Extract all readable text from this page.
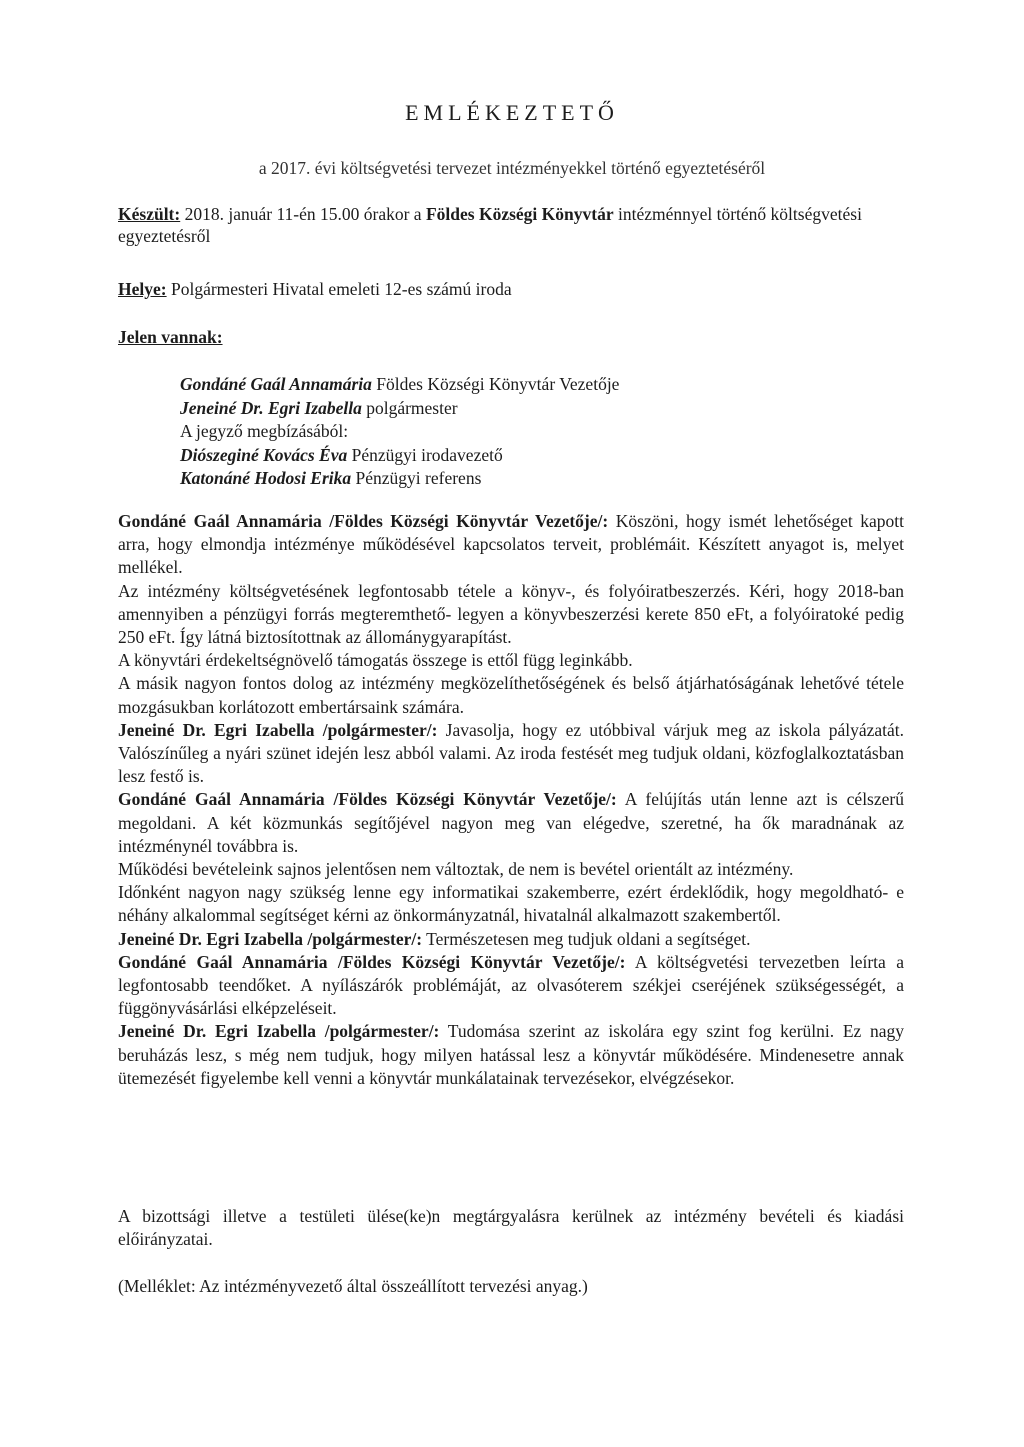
EMLÉKEZTETŐ
a 2017. évi költségvetési tervezet intézményekkel történő egyeztetéséről
Készült: 2018. január 11-én 15.00 órakor a Földes Községi Könyvtár intézménnyel történő költségvetési egyeztetésről
Helye: Polgármesteri Hivatal emeleti 12-es számú iroda
Jelen vannak:
Gondáné Gaál Annamária Földes Községi Könyvtár Vezetője
Jeneiné Dr. Egri Izabella polgármester
A jegyző megbízásából:
Diószeginé Kovács Éva Pénzügyi irodavezető
Katonáné Hodosi Erika Pénzügyi referens

Gondáné Gaál Annamária /Földes Községi Könyvtár Vezetője/: Köszöni, hogy ismét lehetőséget kapott arra, hogy elmondja intézménye működésével kapcsolatos terveit, problémáit. Készített anyagot is, melyet mellékel.

Az intézmény költségvetésének legfontosabb tétele a könyv-, és folyóiratbeszerzés. Kéri, hogy 2018-ban amennyiben a pénzügyi forrás megteremthető- legyen a könyvbeszerzési kerete 850 eFt, a folyóiratoké pedig 250 eFt. Így látná biztosítottnak az állománygyarapítást.

A könyvtári érdekeltségnövelő támogatás összege is ettől függ leginkább.

A másik nagyon fontos dolog az intézmény megközelíthetőségének és belső átjárhatóságának lehetővé tétele mozgásukban korlátozott embertársaink számára.

Jeneiné Dr. Egri Izabella /polgármester/: Javasolja, hogy ez utóbbival várjuk meg az iskola pályázatát. Valószínűleg a nyári szünet idején lesz abból valami. Az iroda festését meg tudjuk oldani, közfoglalkoztatásban lesz festő is.

Gondáné Gaál Annamária /Földes Községi Könyvtár Vezetője/: A felújítás után lenne azt is célszerű megoldani. A két közmunkás segítőjével nagyon meg van elégedve, szeretné, ha ők maradnának az intézménynél továbbra is.

Működési bevételeink sajnos jelentősen nem változtak, de nem is bevétel orientált az intézmény.

Időnként nagyon nagy szükség lenne egy informatikai szakemberre, ezért érdeklődik, hogy megoldható- e néhány alkalommal segítséget kérni az önkormányzatnál, hivatalnál alkalmazott szakembertől.

Jeneiné Dr. Egri Izabella /polgármester/: Természetesen meg tudjuk oldani a segítséget.

Gondáné Gaál Annamária /Földes Községi Könyvtár Vezetője/: A költségvetési tervezetben leírta a legfontosabb teendőket. A nyílászárók problémáját, az olvasóterem székjei cseréjének szükségességét, a függönyvásárlási elképzeléseit.

Jeneiné Dr. Egri Izabella /polgármester/: Tudomása szerint az iskolára egy szint fog kerülni. Ez nagy beruházás lesz, s még nem tudjuk, hogy milyen hatással lesz a könyvtár működésére. Mindenesetre annak ütemezését figyelembe kell venni a könyvtár munkálatainak tervezésekor, elvégzésekor.

A bizottsági illetve a testületi ülése(ke)n megtárgyalásra kerülnek az intézmény bevételi és kiadási előirányzatai.
(Melléklet: Az intézményvezető által összeállított tervezési anyag.)
